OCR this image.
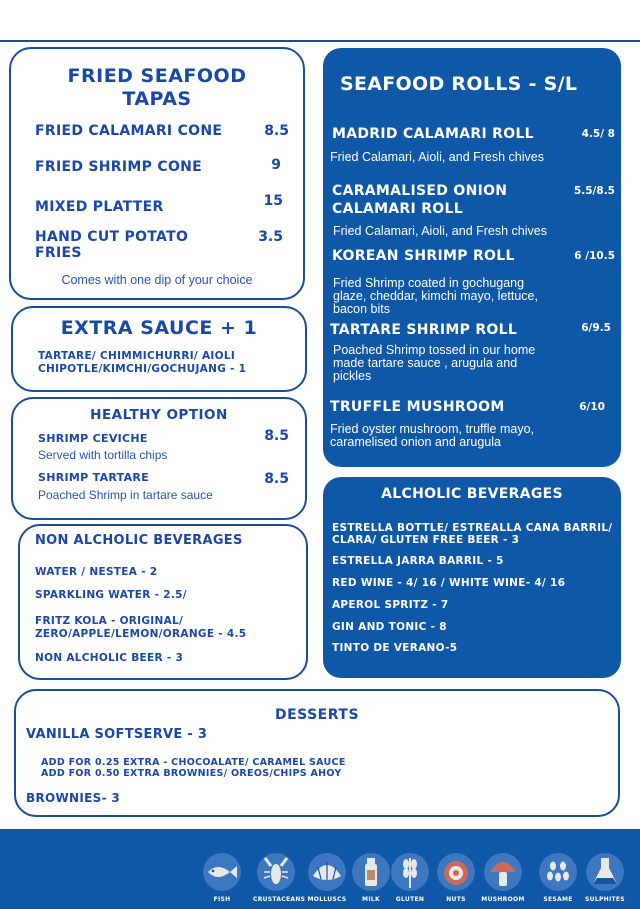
FRIED SEAFOOD
TAPAS
FRIED CALAMARI CONE	8.5
FRIED SHRIMP CONE	9
MIXED PLATTER	15
HAND CUT POTATO
FRIES
3.5
Comes with one dip of your choice
EXTRA SAUCE + 1
TARTARE/ CHIMMICHURRI/ AIOLI
CHIPOTLE/KIMCHI/GOCHUJANG - 1
HEALTHY OPTION
SHRIMP CEVICHE	8.5
Served with tortilla chips
SHRIMP TARTARE	8.5
Poached Shrimp in tartare sauce
NON ALCHOLIC BEVERAGES
WATER / NESTEA - 2
SPARKLING WATER - 2.5/
FRITZ KOLA - ORIGINAL/
ZERO/APPLE/LEMON/ORANGE - 4.5
NON ALCHOLIC BEER - 3
SEAFOOD ROLLS - S/L
MADRID CALAMARI ROLL	4.5/ 8
Fried Calamari, Aioli, and Fresh chives
CARAMALISED ONION
CALAMARI ROLL
5.5/8.5
Fried Calamari, Aioli, and Fresh chives
KOREAN SHRIMP ROLL	6 /10.5
Fried Shrimp coated in gochugang
glaze, cheddar, kimchi mayo, lettuce,
bacon bits
TARTARE SHRIMP ROLL	6/9.5
Poached Shrimp tossed in our home
made tartare sauce , arugula and
pickles
TRUFFLE MUSHROOM	6/10
Fried oyster mushroom, truffle mayo,
caramelised onion and arugula
ALCHOLIC BEVERAGES
ESTRELLA BOTTLE/ ESTREALLA CANA BARRIL/
CLARA/ GLUTEN FREE BEER - 3
ESTRELLA JARRA BARRIL - 5
RED WINE - 4/ 16 / WHITE WINE- 4/ 16
APEROL SPRITZ - 7
GIN AND TONIC - 8
TINTO DE VERANO-5
DESSERTS
VANILLA SOFTSERVE - 3
ADD FOR 0.25 EXTRA - CHOCOALATE/ CARAMEL SAUCE
ADD FOR 0.50 EXTRA BROWNIES/ OREOS/CHIPS AHOY
BROWNIES- 3
FISH	CRUSTACEANS MOLLUSCS	MILK	GLUTEN	NUTS	MUSHROOM	SESAME	SULPHITES
